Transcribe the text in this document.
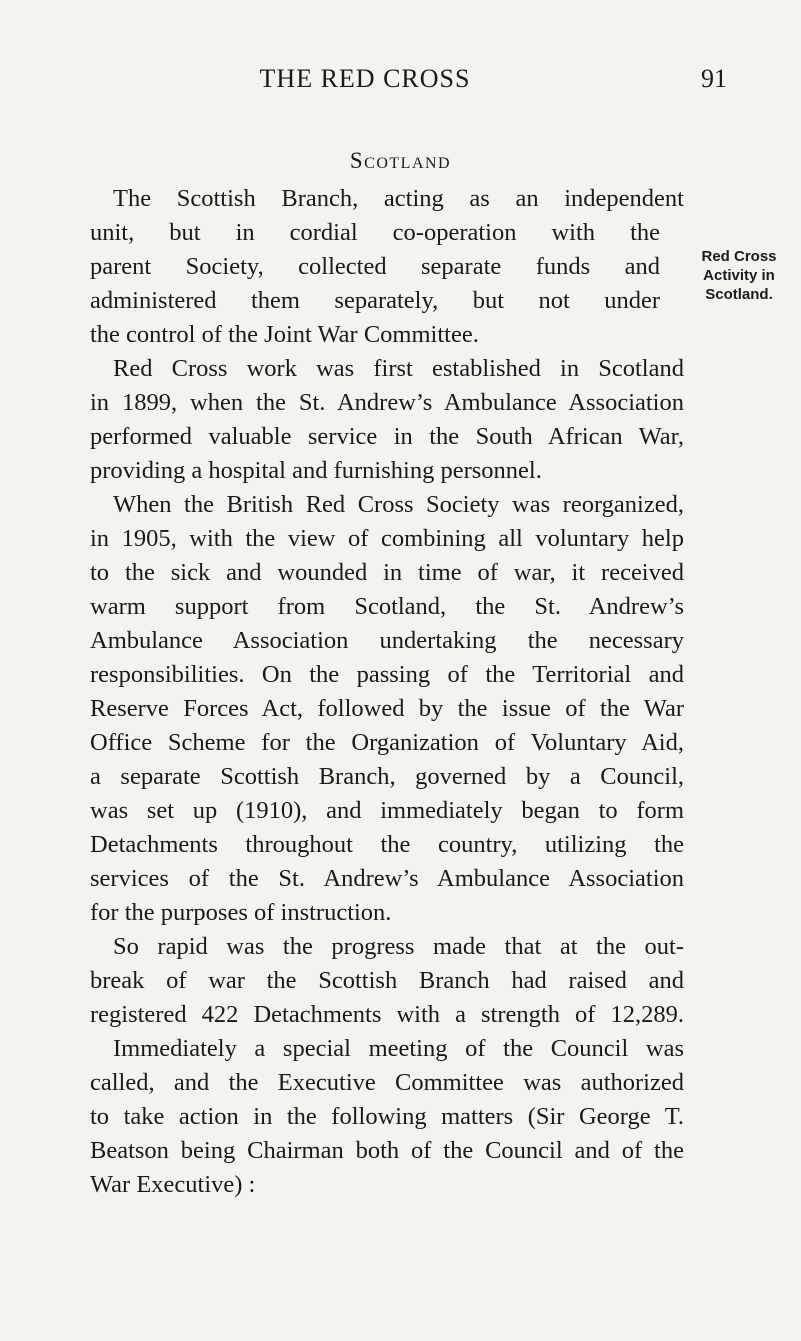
THE RED CROSS	91
Scotland
Red Cross
Activity in
Scotland.
The Scottish Branch, acting as an independent
unit, but in cordial co-operation with the
parent Society, collected separate funds and
administered them separately, but not under
the control of the Joint War Committee.
Red Cross work was first established in Scotland
in 1899, when the St. Andrew’s Ambulance Association
performed valuable service in the South African War,
providing a hospital and furnishing personnel.
When the British Red Cross Society was reorganized,
in 1905, with the view of combining all voluntary help
to the sick and wounded in time of war, it received
warm support from Scotland, the St. Andrew’s
Ambulance Association undertaking the necessary
responsibilities. On the passing of the Territorial and
Reserve Forces Act, followed by the issue of the War
Office Scheme for the Organization of Voluntary Aid,
a separate Scottish Branch, governed by a Council,
was set up (1910), and immediately began to form
Detachments throughout the country, utilizing the
services of the St. Andrew’s Ambulance Association
for the purposes of instruction.
So rapid was the progress made that at the out-
break of war the Scottish Branch had raised and
registered 422 Detachments with a strength of 12,289.
Immediately a special meeting of the Council was
called, and the Executive Committee was authorized
to take action in the following matters (Sir George T.
Beatson being Chairman both of the Council and of the
War Executive) :
